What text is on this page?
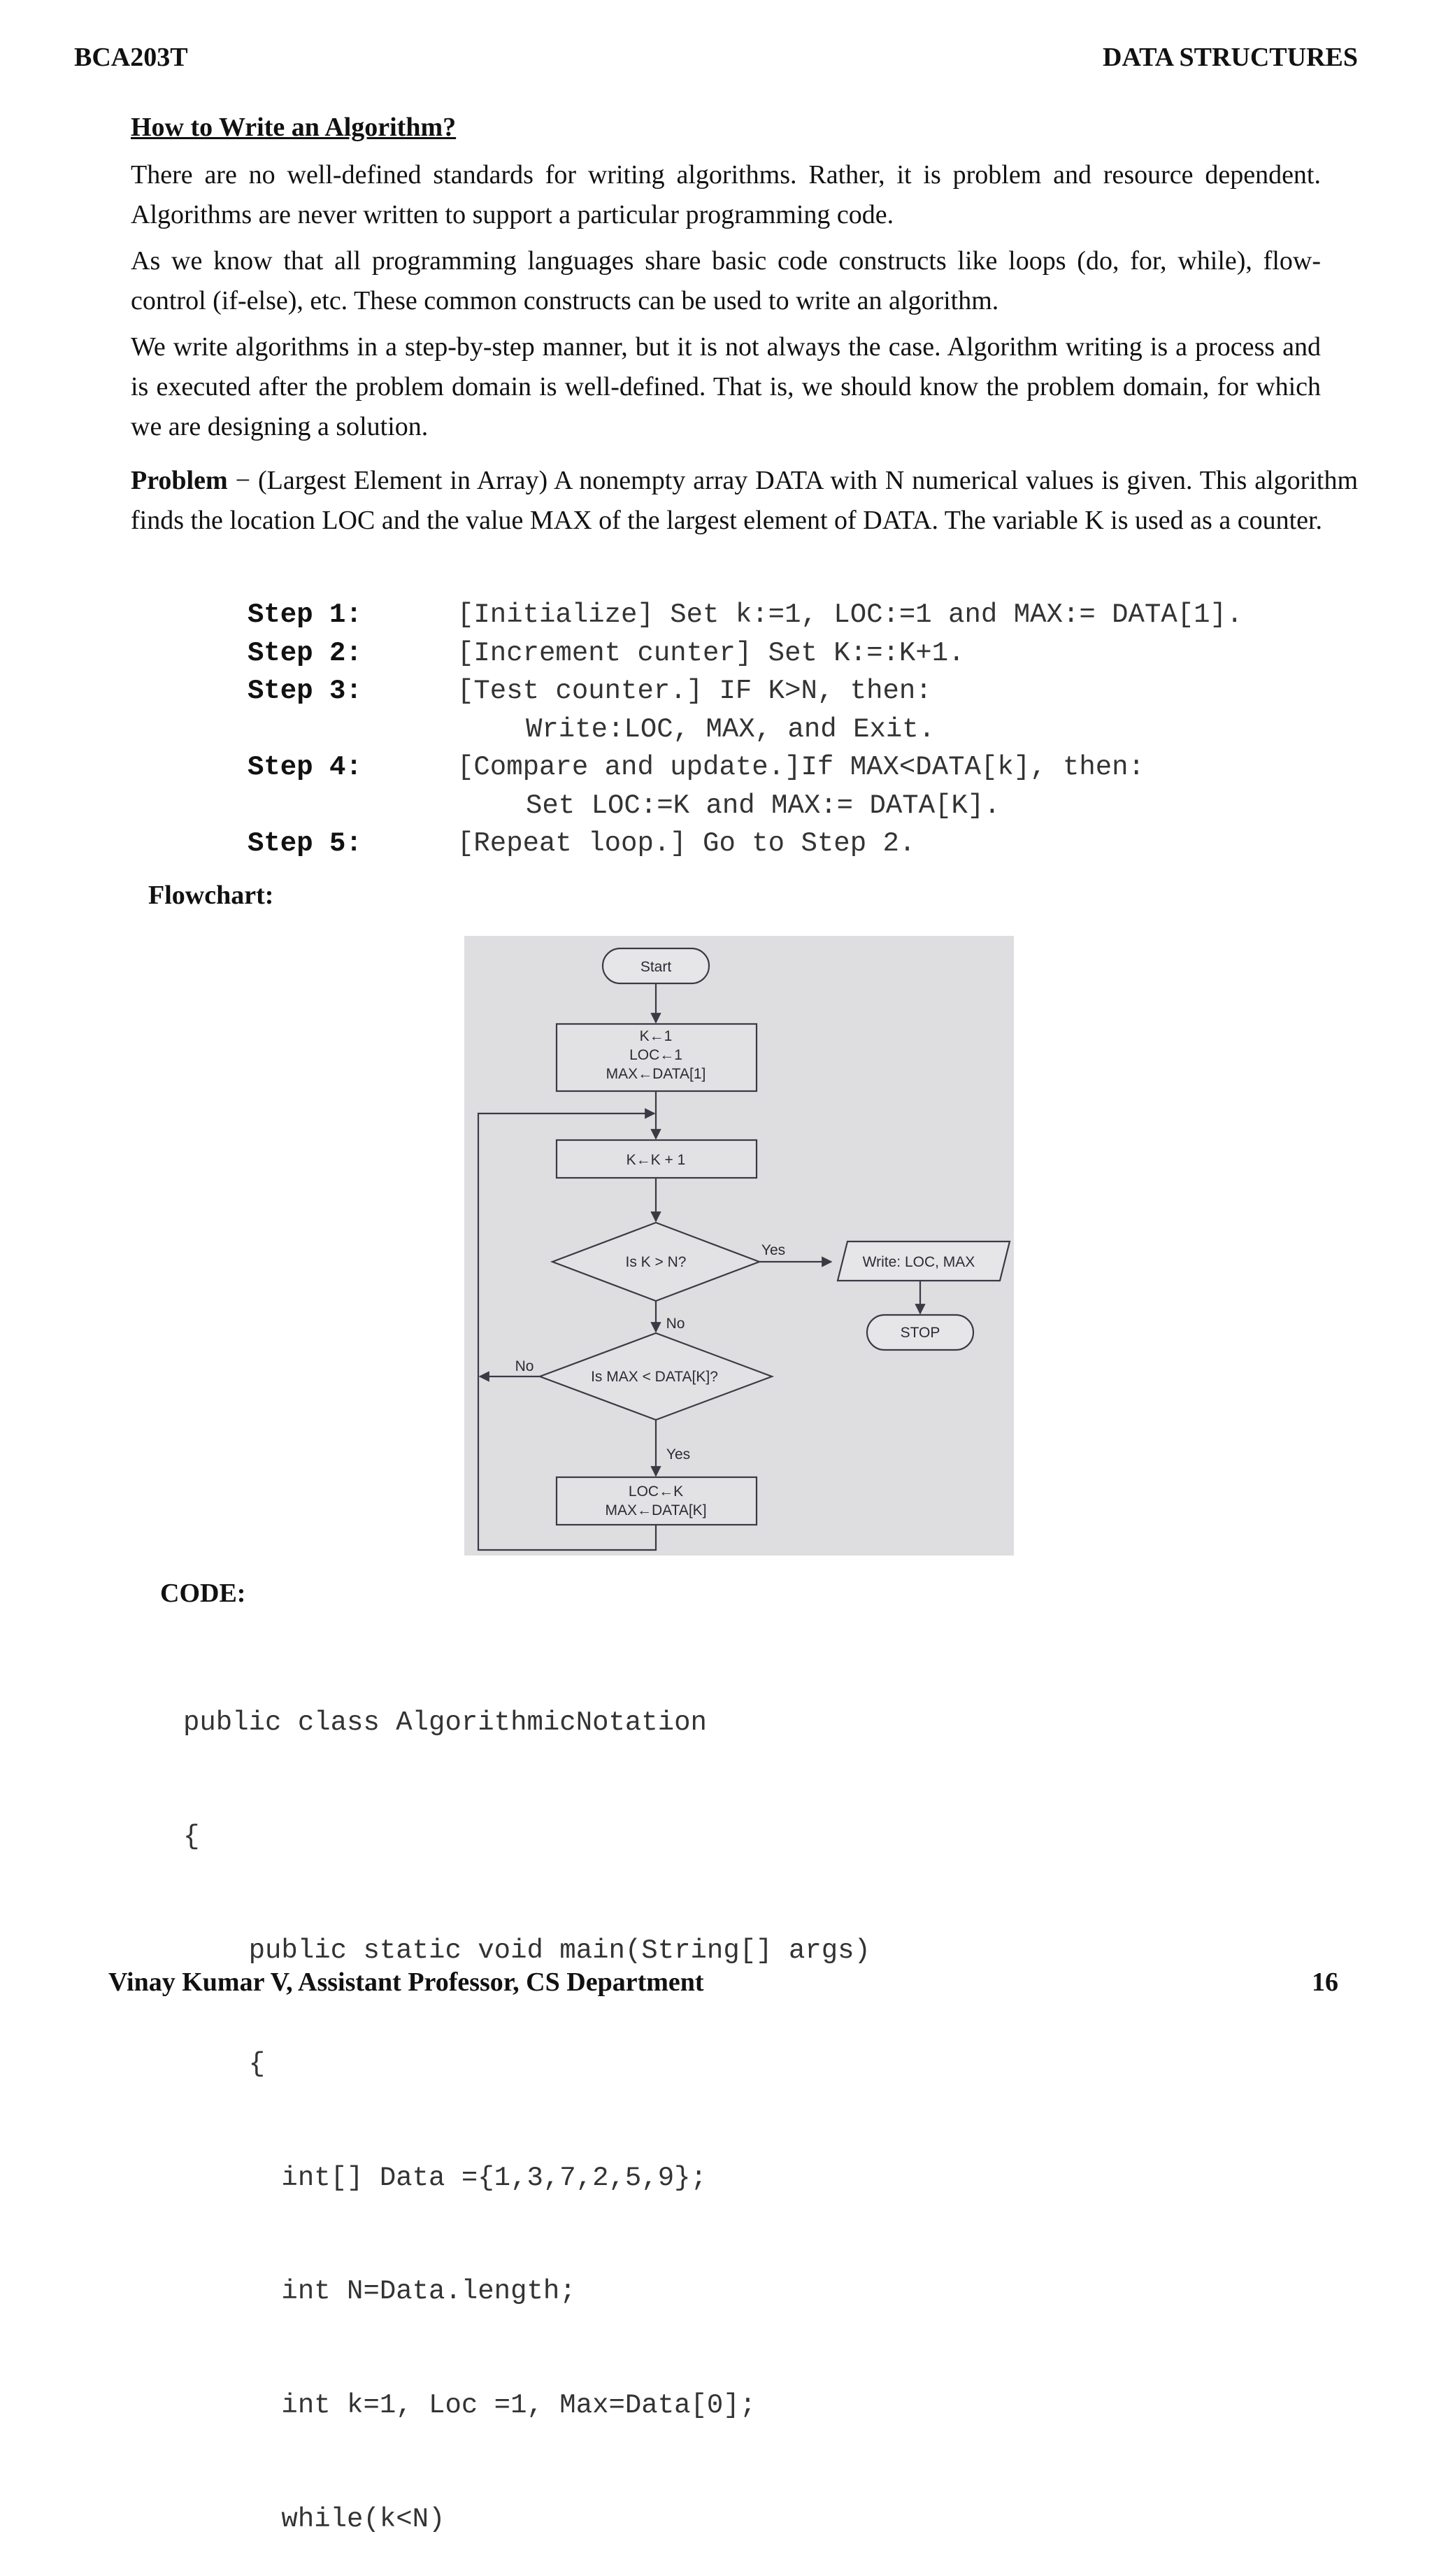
BCA203T	DATA STRUCTURES
How to Write an Algorithm?

There are no well-defined standards for writing algorithms. Rather, it is problem and resource dependent. Algorithms are never written to support a particular programming code.

As we know that all programming languages share basic code constructs like loops (do, for, while), flow-control (if-else), etc. These common constructs can be used to write an algorithm.

We write algorithms in a step-by-step manner, but it is not always the case. Algorithm writing is a process and is executed after the problem domain is well-defined. That is, we should know the problem domain, for which we are designing a solution.

Problem − (Largest Element in Array) A nonempty array DATA with N numerical values is given. This algorithm finds the location LOC and the value MAX of the largest element of DATA. The variable K is used as a counter.

Step 1:	[Initialize] Set k:=1, LOC:=1 and MAX:= DATA[1].
Step 2:	[Increment cunter] Set K:=:K+1.
Step 3:	[Test counter.] IF K>N, then:
Write:LOC, MAX, and Exit.
Step 4:	[Compare and update.]If MAX<DATA[k], then:
Set LOC:=K and MAX:= DATA[K].
Step 5:	[Repeat loop.] Go to Step 2.
Flowchart:
Start
K←1
LOC←1
MAX←DATA[1]
K←K + 1
Is K > N?
Yes
Write: LOC, MAX
STOP
No
Is MAX < DATA[K]?
No
Yes
LOC←K
MAX←DATA[K]
CODE:

public class AlgorithmicNotation

{

public static void main(String[] args)

{

int[] Data ={1,3,7,2,5,9};

int N=Data.length;

int k=1, Loc =1, Max=Data[0];

while(k<N)

Vinay Kumar V, Assistant Professor, CS Department	16
